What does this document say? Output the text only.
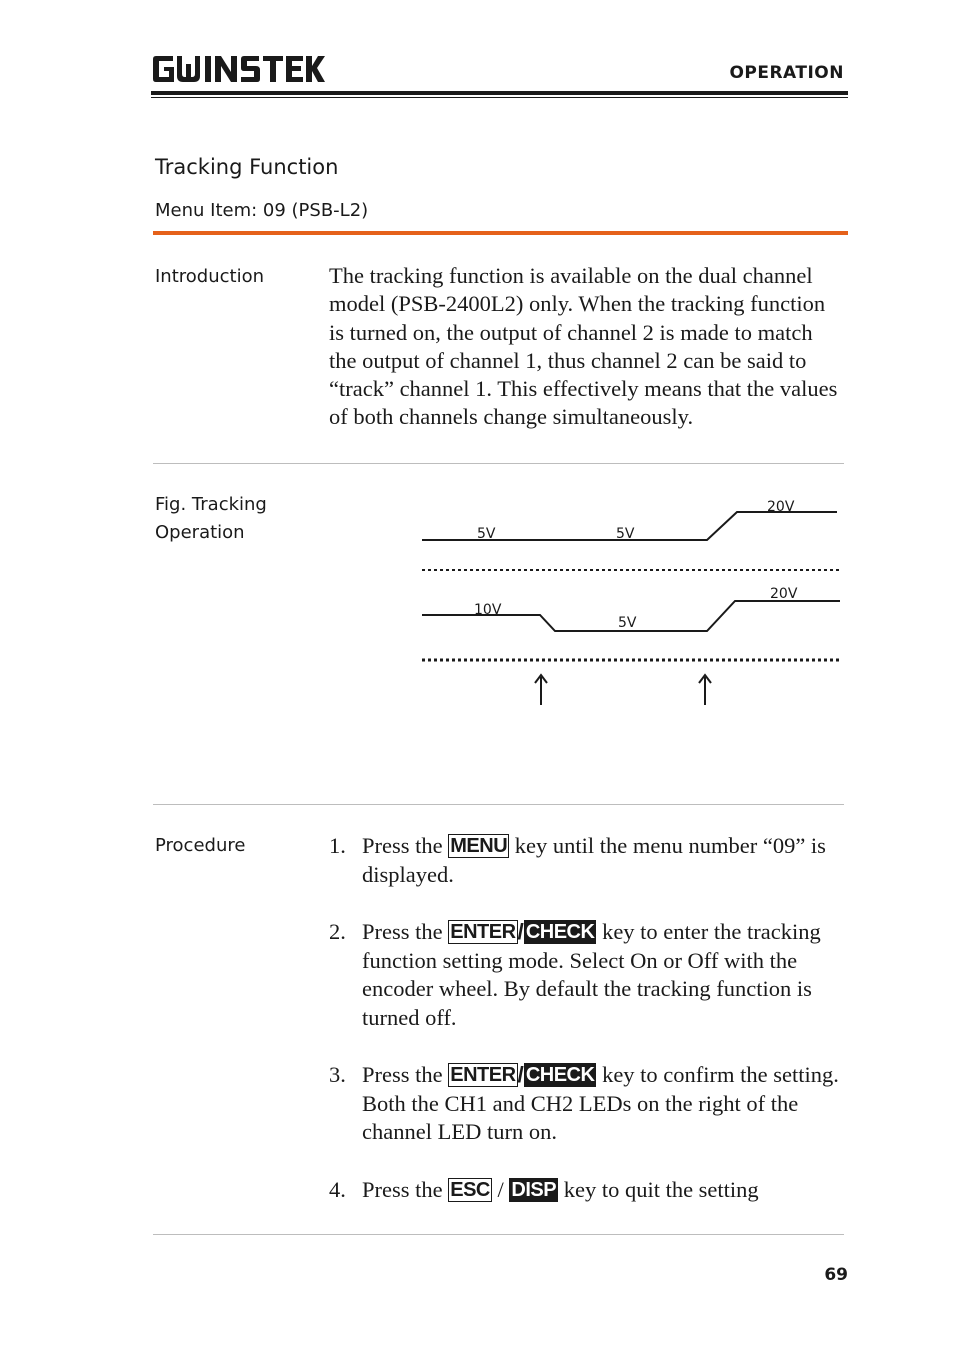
OPERATION
Tracking Function
Menu Item: 09 (PSB-L2)
Introduction	The tracking function is available on the dual channel model (PSB-2400L2) only. When the tracking function is turned on, the output of channel 2 is made to match the output of channel 1, thus channel 2 can be said to “track” channel 1. This effectively means that the values of both channels change simultaneously.
Fig. Tracking
Operation	5V	5V
20V
10V
5V
20V
Procedure	1. Press the MENU key until the menu number “09” is displayed.
2. Press the ENTER/ CHECK key to enter the tracking function setting mode. Select On or Off with the encoder wheel. By default the tracking function is turned off.
3. Press the ENTER/ CHECK key to confirm the setting.
Both the CH1 and CH2 LEDs on the right of the channel LED turn on.
4. Press the ESC / DISP key to quit the setting
69
